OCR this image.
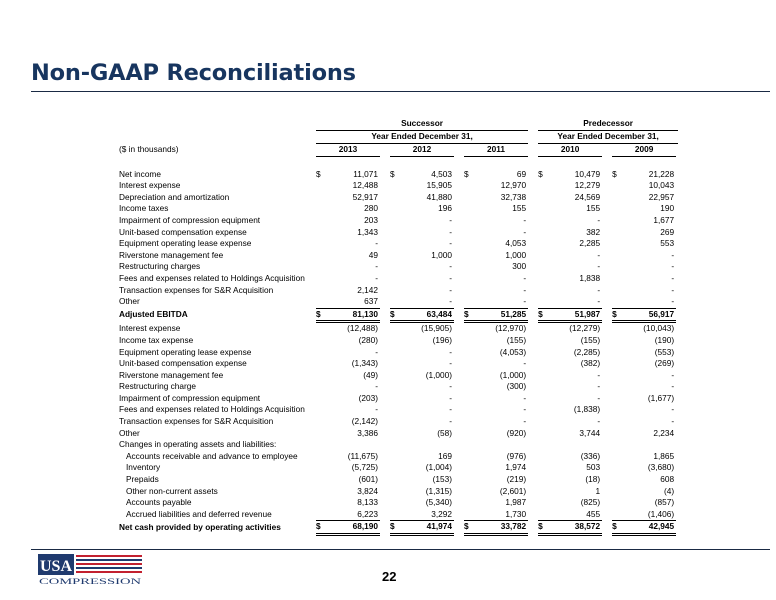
Non-GAAP Reconciliations
	Successor									Predecessor					
	Year Ended December 31,									Year Ended December 31,					
($ in thousands)	2013			2012			2011			2010			2009		

Net income	$	11,071		$	4,503		$	69		$	10,479		$	21,228	
Interest expense		12,488			15,905			12,970			12,279			10,043	
Depreciation and amortization		52,917			41,880			32,738			24,569			22,957	
Income taxes		280			196			155			155			190	
Impairment of compression equipment		203			-			-			-			1,677	
Unit-based compensation expense		1,343			-			-			382			269	
Equipment operating lease expense		-			-			4,053			2,285			553	
Riverstone management fee		49			1,000			1,000			-			-	
Restructuring charges		-			-			300			-			-	
Fees and expenses related to Holdings Acquisition		-			-			-			1,838			-	
Transaction expenses for S&R Acquisition		2,142			-			-			-			-	
Other		637			-			-			-			-	
Adjusted EBITDA	$	81,130		$	63,484		$	51,285		$	51,987		$	56,917	
Interest expense		(12,488)			(15,905)			(12,970)			(12,279)			(10,043)	
Income tax expense		(280)			(196)			(155)			(155)			(190)	
Equipment operating lease expense		-			-			(4,053)			(2,285)			(553)	
Unit-based compensation expense		(1,343)			-			-			(382)			(269)	
Riverstone management fee		(49)			(1,000)			(1,000)			-			-	
Restructuring charge		-			-			(300)			-			-	
Impairment of compression equipment		(203)			-			-			-			(1,677)	
Fees and expenses related to Holdings Acquisition		-			-			-			(1,838)			-	
Transaction expenses for S&R Acquisition		(2,142)			-			-			-			-	
Other		3,386			(58)			(920)			3,744			2,234	
Changes in operating assets and liabilities:															
Accounts receivable and advance to employee		(11,675)			169			(976)			(336)			1,865	
Inventory		(5,725)			(1,004)			1,974			503			(3,680)	
Prepaids		(601)			(153)			(219)			(18)			608	
Other non-current assets		3,824			(1,315)			(2,601)			1			(4)	
Accounts payable		8,133			(5,340)			1,987			(825)			(857)	
Accrued liabilities and deferred revenue		6,223			3,292			1,730			455			(1,406)	
Net cash provided by operating activities	$	68,190		$	41,974		$	33,782		$	38,572		$	42,945	
USA
COMPRESSION	22
